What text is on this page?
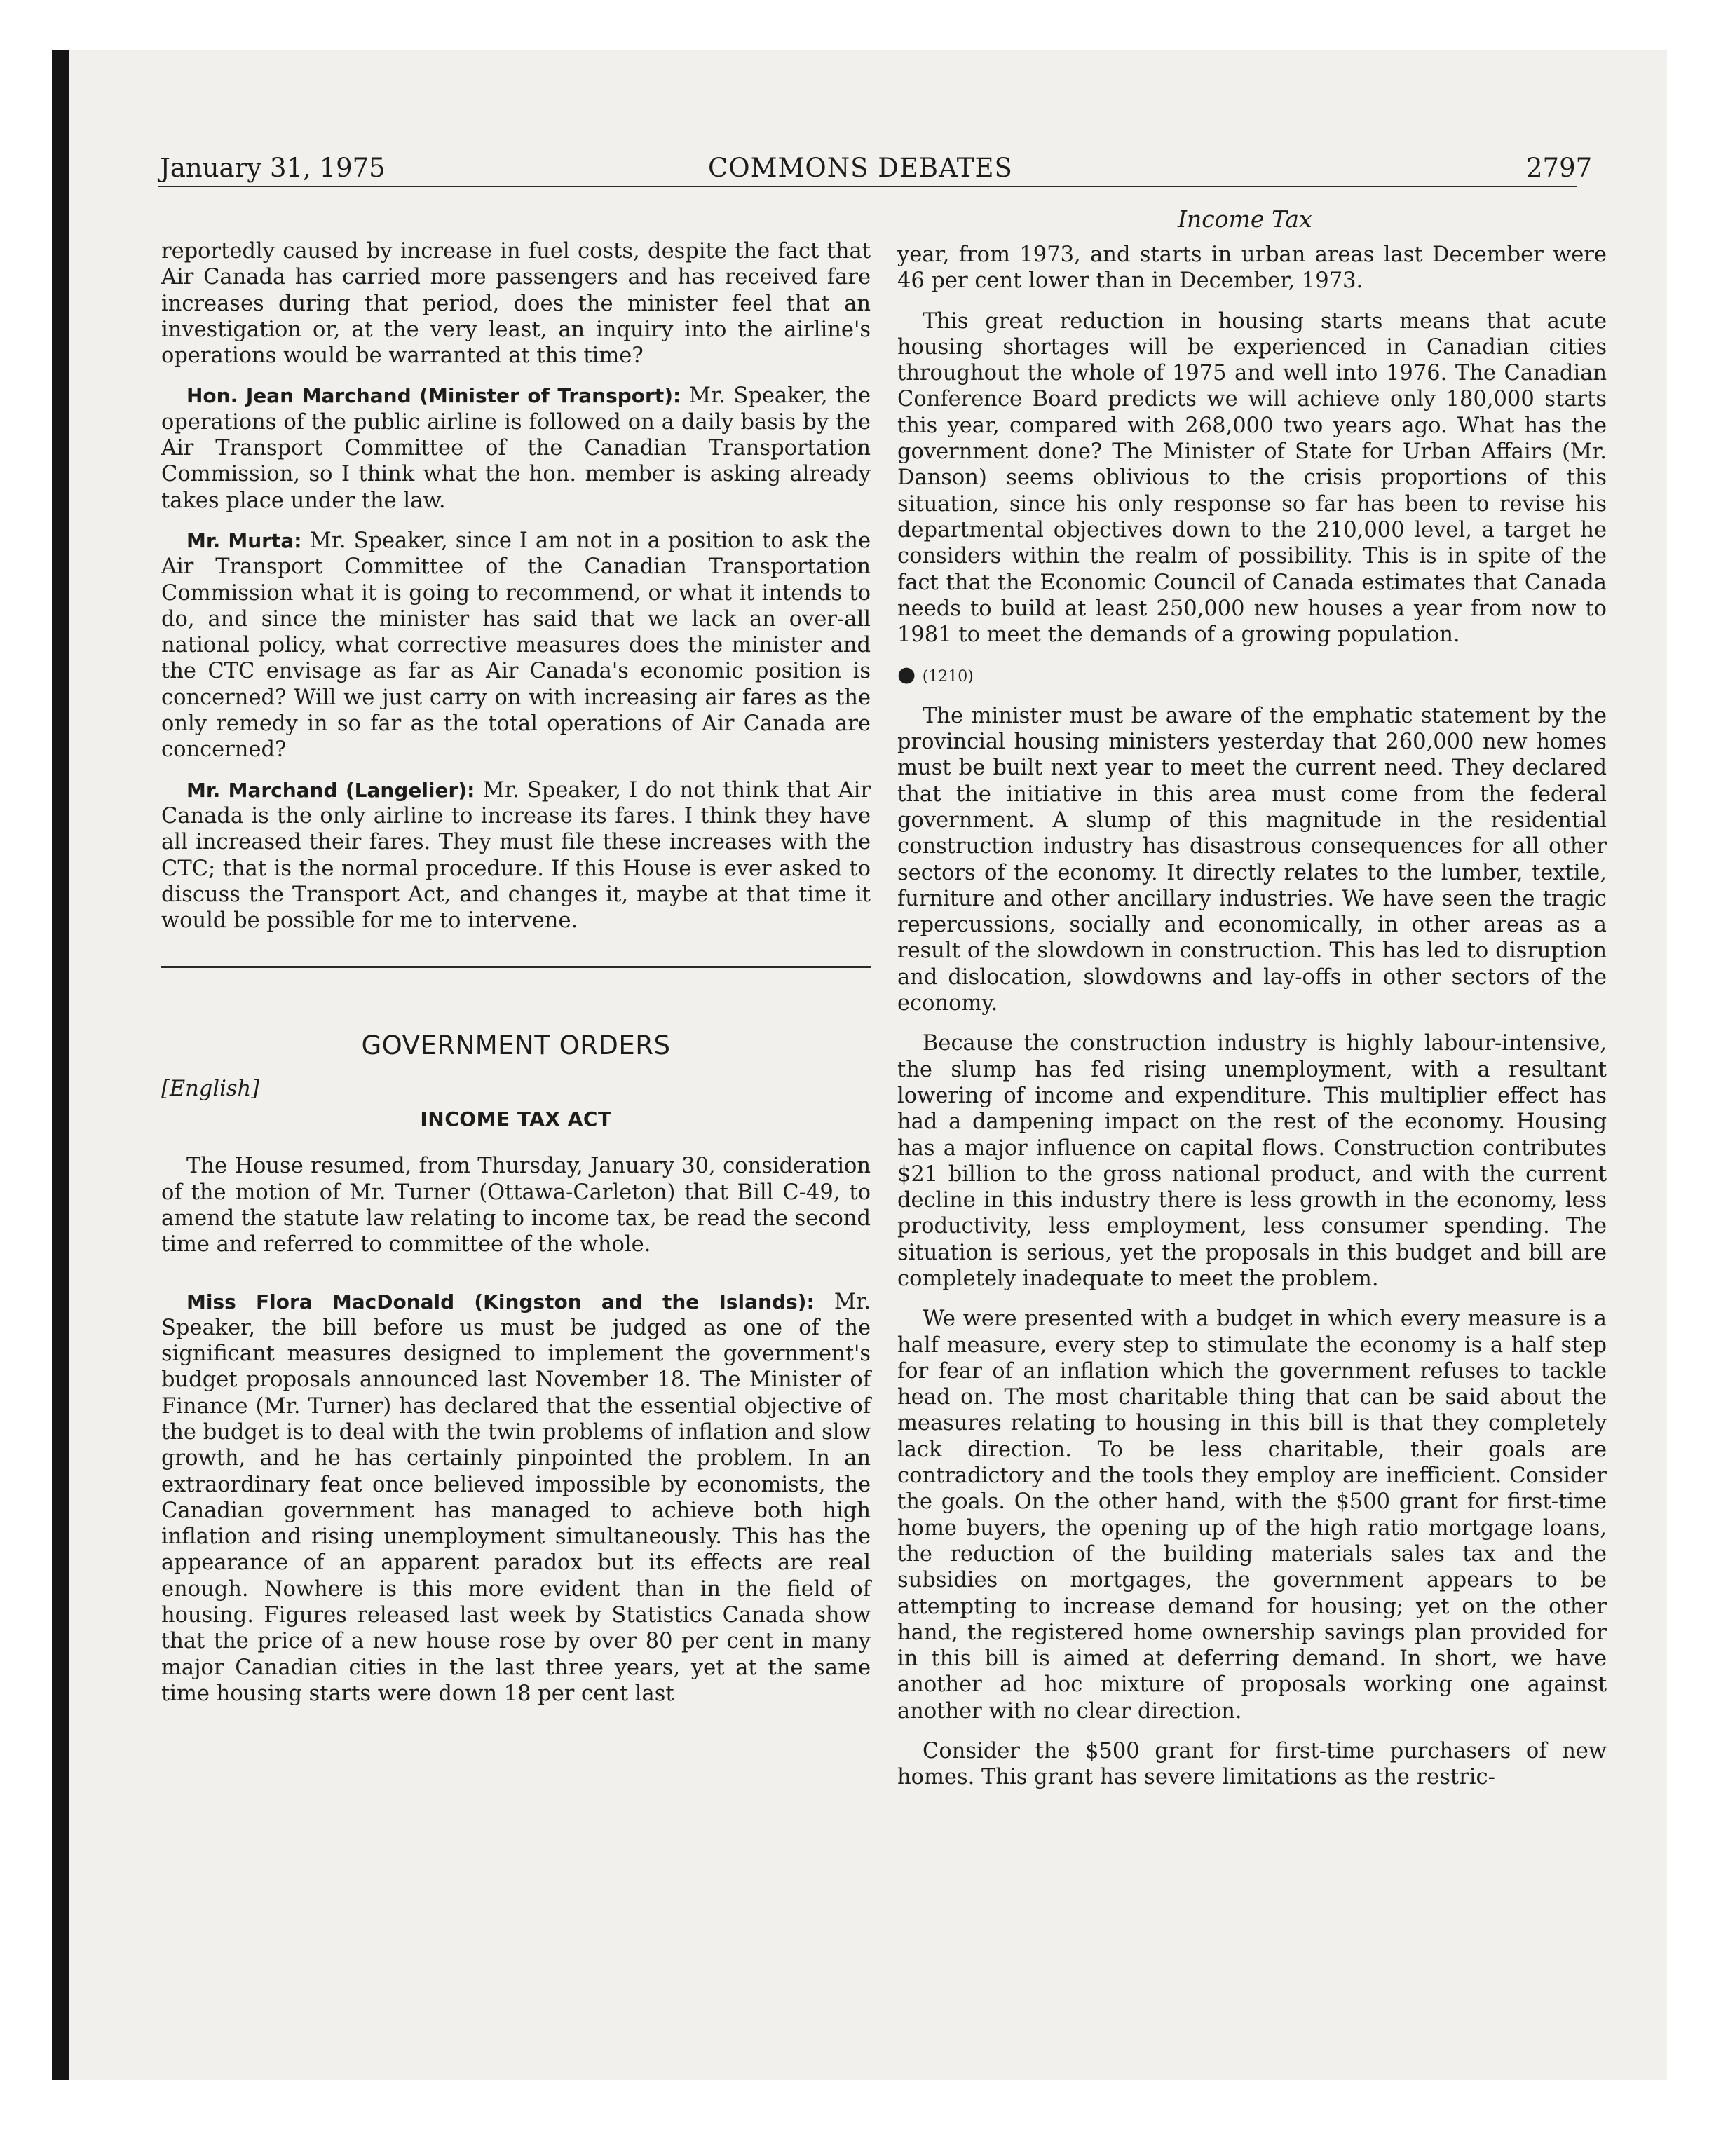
January 31, 1975	COMMONS DEBATES	2797
Income Tax

reportedly caused by increase in fuel costs, despite the fact that Air Canada has carried more passengers and has received fare increases during that period, does the minister feel that an investigation or, at the very least, an inquiry into the airline's operations would be warranted at this time?

Hon. Jean Marchand (Minister of Transport): Mr. Speaker, the operations of the public airline is followed on a daily basis by the Air Transport Committee of the Canadian Transportation Commission, so I think what the hon. member is asking already takes place under the law.

Mr. Murta: Mr. Speaker, since I am not in a position to ask the Air Transport Committee of the Canadian Transportation Commission what it is going to recommend, or what it intends to do, and since the minister has said that we lack an over-all national policy, what corrective measures does the minister and the CTC envisage as far as Air Canada's economic position is concerned? Will we just carry on with increasing air fares as the only remedy in so far as the total operations of Air Canada are concerned?

Mr. Marchand (Langelier): Mr. Speaker, I do not think that Air Canada is the only airline to increase its fares. I think they have all increased their fares. They must file these increases with the CTC; that is the normal procedure. If this House is ever asked to discuss the Transport Act, and changes it, maybe at that time it would be possible for me to intervene.

GOVERNMENT ORDERS

[English]

INCOME TAX ACT

The House resumed, from Thursday, January 30, consideration of the motion of Mr. Turner (Ottawa-Carleton) that Bill C-49, to amend the statute law relating to income tax, be read the second time and referred to committee of the whole.

Miss Flora MacDonald (Kingston and the Islands): Mr. Speaker, the bill before us must be judged as one of the significant measures designed to implement the government's budget proposals announced last November 18. The Minister of Finance (Mr. Turner) has declared that the essential objective of the budget is to deal with the twin problems of inflation and slow growth, and he has certainly pinpointed the problem. In an extraordinary feat once believed impossible by economists, the Canadian government has managed to achieve both high inflation and rising unemployment simultaneously. This has the appearance of an apparent paradox but its effects are real enough. Nowhere is this more evident than in the field of housing. Figures released last week by Statistics Canada show that the price of a new house rose by over 80 per cent in many major Canadian cities in the last three years, yet at the same time housing starts were down 18 per cent last

year, from 1973, and starts in urban areas last December were 46 per cent lower than in December, 1973.

This great reduction in housing starts means that acute housing shortages will be experienced in Canadian cities throughout the whole of 1975 and well into 1976. The Canadian Conference Board predicts we will achieve only 180,000 starts this year, compared with 268,000 two years ago. What has the government done? The Minister of State for Urban Affairs (Mr. Danson) seems oblivious to the crisis proportions of this situation, since his only response so far has been to revise his departmental objectives down to the 210,000 level, a target he considers within the realm of possibility. This is in spite of the fact that the Economic Council of Canada estimates that Canada needs to build at least 250,000 new houses a year from now to 1981 to meet the demands of a growing population.

● (1210)

The minister must be aware of the emphatic statement by the provincial housing ministers yesterday that 260,000 new homes must be built next year to meet the current need. They declared that the initiative in this area must come from the federal government. A slump of this magnitude in the residential construction industry has disastrous consequences for all other sectors of the economy. It directly relates to the lumber, textile, furniture and other ancillary industries. We have seen the tragic repercussions, socially and economically, in other areas as a result of the slowdown in construction. This has led to disruption and dislocation, slowdowns and lay-offs in other sectors of the economy.

Because the construction industry is highly labour-intensive, the slump has fed rising unemployment, with a resultant lowering of income and expenditure. This multiplier effect has had a dampening impact on the rest of the economy. Housing has a major influence on capital flows. Construction contributes $21 billion to the gross national product, and with the current decline in this industry there is less growth in the economy, less productivity, less employment, less consumer spending. The situation is serious, yet the proposals in this budget and bill are completely inadequate to meet the problem.

We were presented with a budget in which every measure is a half measure, every step to stimulate the economy is a half step for fear of an inflation which the government refuses to tackle head on. The most charitable thing that can be said about the measures relating to housing in this bill is that they completely lack direction. To be less charitable, their goals are contradictory and the tools they employ are inefficient. Consider the goals. On the other hand, with the $500 grant for first-time home buyers, the opening up of the high ratio mortgage loans, the reduction of the building materials sales tax and the subsidies on mortgages, the government appears to be attempting to increase demand for housing; yet on the other hand, the registered home ownership savings plan provided for in this bill is aimed at deferring demand. In short, we have another ad hoc mixture of proposals working one against another with no clear direction.

Consider the $500 grant for first-time purchasers of new homes. This grant has severe limitations as the restric-
